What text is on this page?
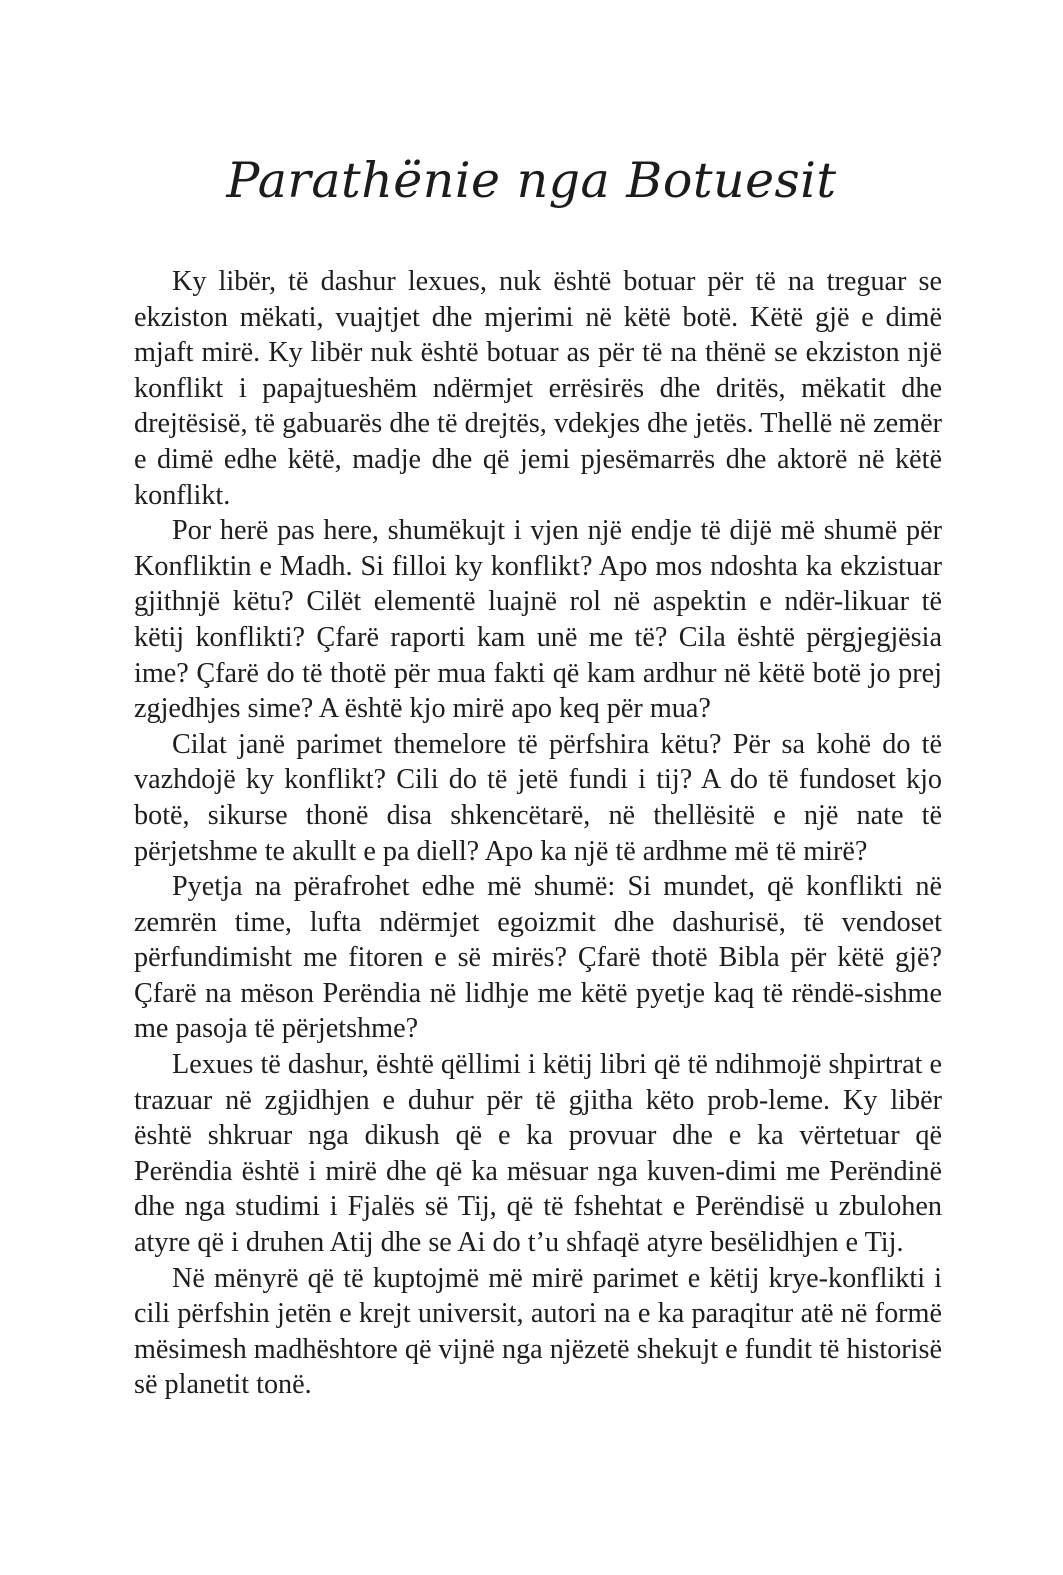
Parathënie nga Botuesit

Ky libër, të dashur lexues, nuk është botuar për të na treguar se ekziston mëkati, vuajtjet dhe mjerimi në këtë botë. Këtë gjë e dimë mjaft mirë. Ky libër nuk është botuar as për të na thënë se ekziston një konflikt i papajtueshëm ndërmjet errësirës dhe dritës, mëkatit dhe drejtësisë, të gabuarës dhe të drejtës, vdekjes dhe jetës. Thellë në zemër e dimë edhe këtë, madje dhe që jemi pjesëmarrës dhe aktorë në këtë konflikt.

Por herë pas here, shumëkujt i vjen një endje të dijë më shumë për Konfliktin e Madh. Si filloi ky konflikt? Apo mos ndoshta ka ekzistuar gjithnjë këtu? Cilët elementë luajnë rol në aspektin e ndër-likuar të këtij konflikti? Çfarë raporti kam unë me të? Cila është përgjegjësia ime? Çfarë do të thotë për mua fakti që kam ardhur në këtë botë jo prej zgjedhjes sime? A është kjo mirë apo keq për mua?

Cilat janë parimet themelore të përfshira këtu? Për sa kohë do të vazhdojë ky konflikt? Cili do të jetë fundi i tij? A do të fundoset kjo botë, sikurse thonë disa shkencëtarë, në thellësitë e një nate të përjetshme te akullt e pa diell? Apo ka një të ardhme më të mirë?

Pyetja na përafrohet edhe më shumë: Si mundet, që konflikti në zemrën time, lufta ndërmjet egoizmit dhe dashurisë, të vendoset përfundimisht me fitoren e së mirës? Çfarë thotë Bibla për këtë gjë? Çfarë na mëson Perëndia në lidhje me këtë pyetje kaq të rëndë-sishme me pasoja të përjetshme?

Lexues të dashur, është qëllimi i këtij libri që të ndihmojë shpirtrat e trazuar në zgjidhjen e duhur për të gjitha këto prob-leme. Ky libër është shkruar nga dikush që e ka provuar dhe e ka vërtetuar që Perëndia është i mirë dhe që ka mësuar nga kuven-dimi me Perëndinë dhe nga studimi i Fjalës së Tij, që të fshehtat e Perëndisë u zbulohen atyre që i druhen Atij dhe se Ai do t’u shfaqë atyre besëlidhjen e Tij.

Në mënyrë që të kuptojmë më mirë parimet e këtij krye-konflikti i cili përfshin jetën e krejt universit, autori na e ka paraqitur atë në formë mësimesh madhështore që vijnë nga njëzetë shekujt e fundit të historisë së planetit tonë.
